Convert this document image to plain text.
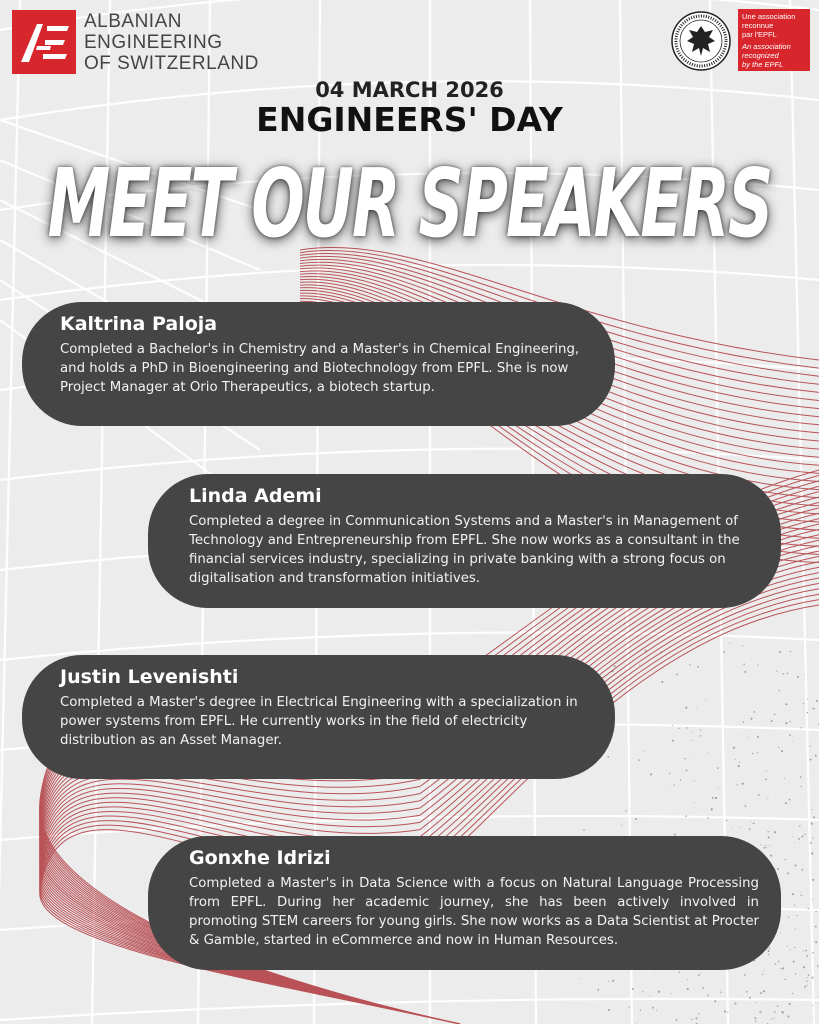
ALBANIAN
ENGINEERING
OF SWITZERLAND
Une association
reconnue
par l'EPFL
An association
recognized
by the EPFL
04 MARCH 2026
ENGINEERS' DAY
MEET OUR SPEAKERS
Kaltrina Paloja
Completed a Bachelor's in Chemistry and a Master's in Chemical Engineering, and holds a PhD in Bioengineering and Biotechnology from EPFL. She is now Project Manager at Orio Therapeutics, a biotech startup.
Linda Ademi
Completed a degree in Communication Systems and a Master's in Management of Technology and Entrepreneurship from EPFL. She now works as a consultant in the financial services industry, specializing in private banking with a strong focus on digitalisation and transformation initiatives.
Justin Levenishti
Completed a Master's degree in Electrical Engineering with a specialization in power systems from EPFL. He currently works in the field of electricity distribution as an Asset Manager.
Gonxhe Idrizi
Completed a Master's in Data Science with a focus on Natural Language Processing from EPFL. During her academic journey, she has been actively involved in promoting STEM careers for young girls. She now works as a Data Scientist at Procter & Gamble, started in eCommerce and now in Human Resources.
